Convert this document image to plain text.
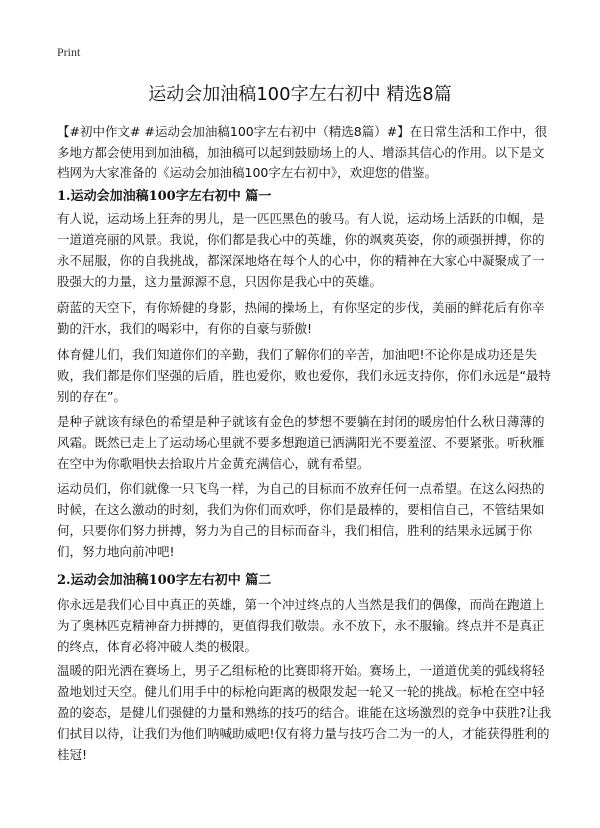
Print
运动会加油稿100字左右初中 精选8篇

【#初中作文# #运动会加油稿100字左右初中（精选8篇）#】在日常生活和工作中，很多地方都会使用到加油稿，加油稿可以起到鼓励场上的人、增添其信心的作用。以下是文档网为大家准备的《运动会加油稿100字左右初中》，欢迎您的借鉴。

1.运动会加油稿100字左右初中 篇一

有人说，运动场上狂奔的男儿，是一匹匹黑色的骏马。有人说，运动场上活跃的巾帼，是一道道亮丽的风景。我说，你们都是我心中的英雄，你的飒爽英姿，你的顽强拼搏，你的永不屈服，你的自我挑战，都深深地烙在每个人的心中，你的精神在大家心中凝聚成了一股强大的力量，这力量源源不息，只因你是我心中的英雄。

蔚蓝的天空下，有你矫健的身影，热闹的操场上，有你坚定的步伐，美丽的鲜花后有你辛勤的汗水，我们的喝彩中，有你的自豪与骄傲!

体育健儿们，我们知道你们的辛勤，我们了解你们的辛苦，加油吧!不论你是成功还是失败，我们都是你们坚强的后盾，胜也爱你，败也爱你，我们永远支持你，你们永远是“最特别的存在”。

是种子就该有绿色的希望是种子就该有金色的梦想不要躺在封闭的暖房怕什么秋日薄薄的风霜。既然已走上了运动场心里就不要多想跑道已洒满阳光不要羞涩、不要紧张。听秋雁在空中为你歌唱快去拾取片片金黄充满信心，就有希望。

运动员们，你们就像一只飞鸟一样，为自己的目标而不放弃任何一点希望。在这么闷热的时候，在这么激动的时刻，我们为你们而欢呼，你们是最棒的，要相信自己，不管结果如何，只要你们努力拼搏，努力为自己的目标而奋斗，我们相信，胜利的结果永远属于你们，努力地向前冲吧!

2.运动会加油稿100字左右初中 篇二

你永远是我们心目中真正的英雄，第一个冲过终点的人当然是我们的偶像，而尚在跑道上为了奥林匹克精神奋力拼搏的，更值得我们敬崇。永不放下，永不服输。终点并不是真正的终点，体育必将冲破人类的极限。

温暖的阳光洒在赛场上，男子乙组标枪的比赛即将开始。赛场上，一道道优美的弧线将轻盈地划过天空。健儿们用手中的标枪向距离的极限发起一轮又一轮的挑战。标枪在空中轻盈的姿态，是健儿们强健的力量和熟练的技巧的结合。谁能在这场激烈的竞争中获胜?让我们拭目以待，让我们为他们呐喊助威吧!仅有将力量与技巧合二为一的人，才能获得胜利的桂冠!
